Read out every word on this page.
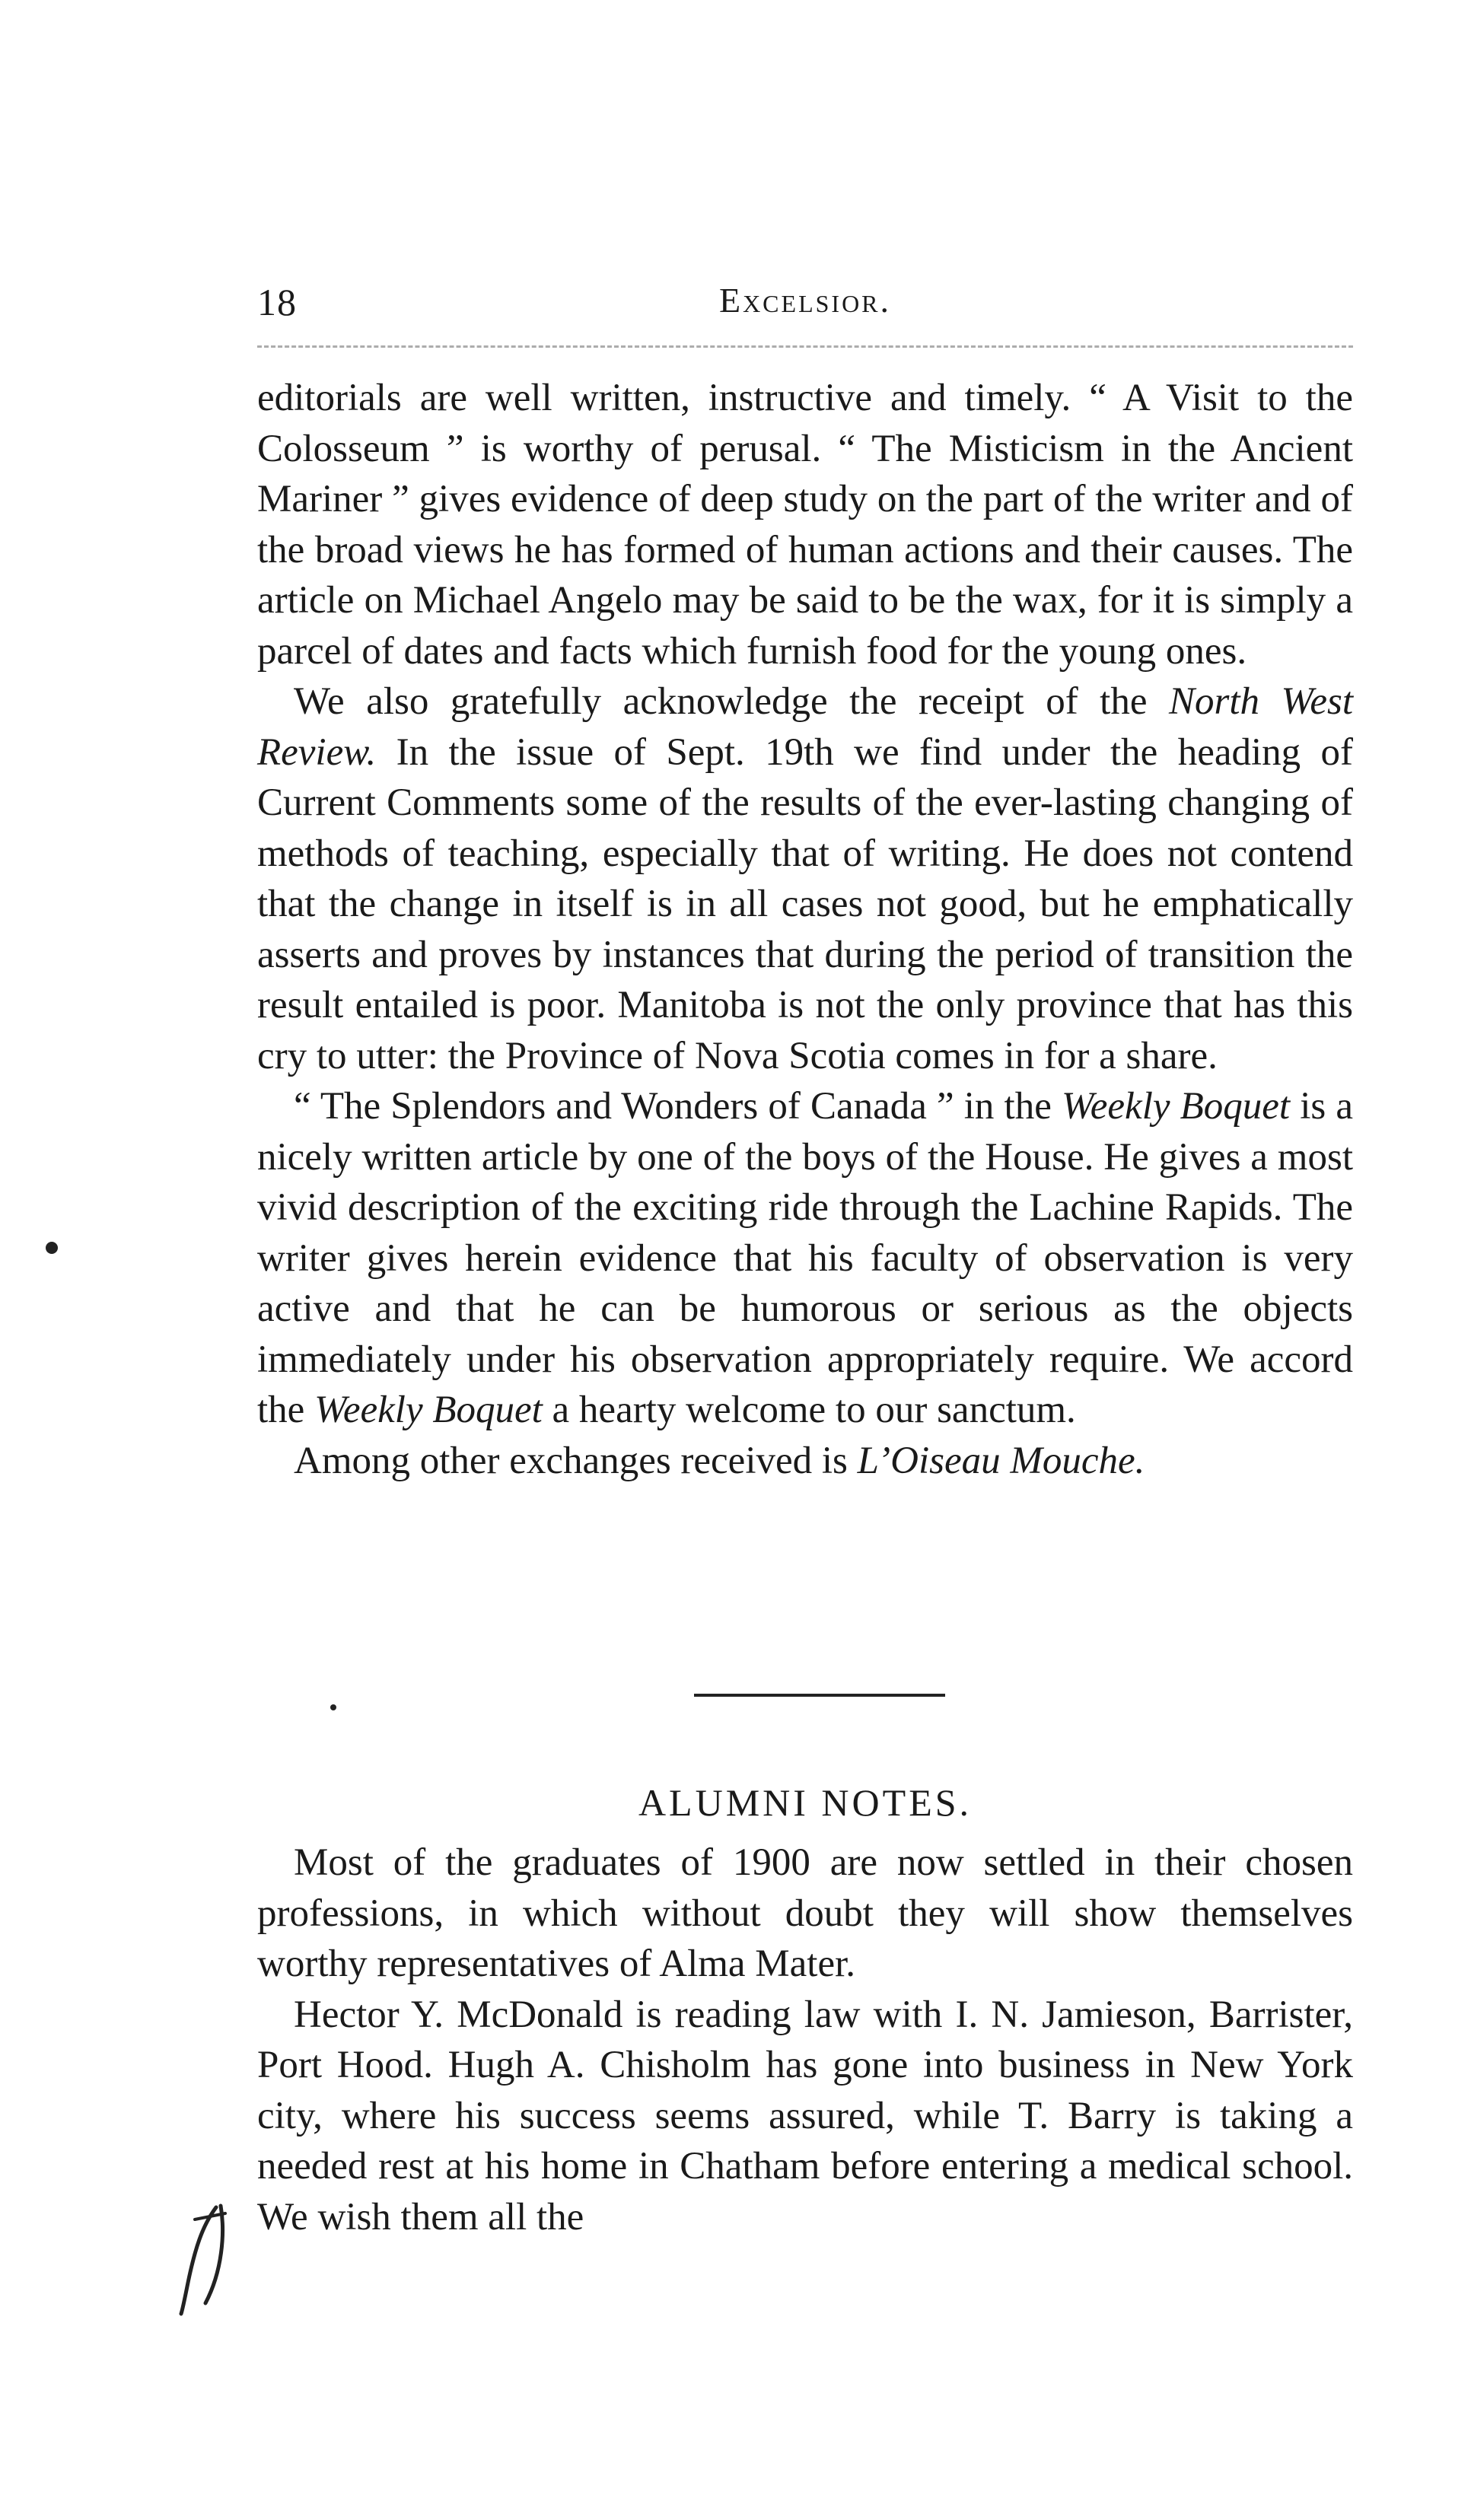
18	Excelsior.

editorials are well written, instructive and timely. “ A Visit to the Colosseum ” is worthy of perusal. “ The Misticism in the Ancient Mariner ” gives evidence of deep study on the part of the writer and of the broad views he has formed of human actions and their causes. The article on Michael Angelo may be said to be the wax, for it is simply a parcel of dates and facts which furnish food for the young ones.

We also gratefully acknowledge the receipt of the North West Review. In the issue of Sept. 19th we find under the heading of Current Comments some of the results of the ever-lasting changing of methods of teaching, especially that of writing. He does not contend that the change in itself is in all cases not good, but he emphatically asserts and proves by instances that during the period of transition the result entailed is poor. Manitoba is not the only province that has this cry to utter: the Province of Nova Scotia comes in for a share.

“ The Splendors and Wonders of Canada ” in the Weekly Boquet is a nicely written article by one of the boys of the House. He gives a most vivid description of the exciting ride through the Lachine Rapids. The writer gives herein evidence that his faculty of observation is very active and that he can be humorous or serious as the objects immediately under his observation appropriately require. We accord the Weekly Boquet a hearty welcome to our sanctum.

Among other exchanges received is L’Oiseau Mouche.

ALUMNI NOTES.

Most of the graduates of 1900 are now settled in their chosen professions, in which without doubt they will show themselves worthy representatives of Alma Mater.

Hector Y. McDonald is reading law with I. N. Jamieson, Barrister, Port Hood. Hugh A. Chisholm has gone into business in New York city, where his success seems assured, while T. Barry is taking a needed rest at his home in Chatham before entering a medical school. We wish them all the
